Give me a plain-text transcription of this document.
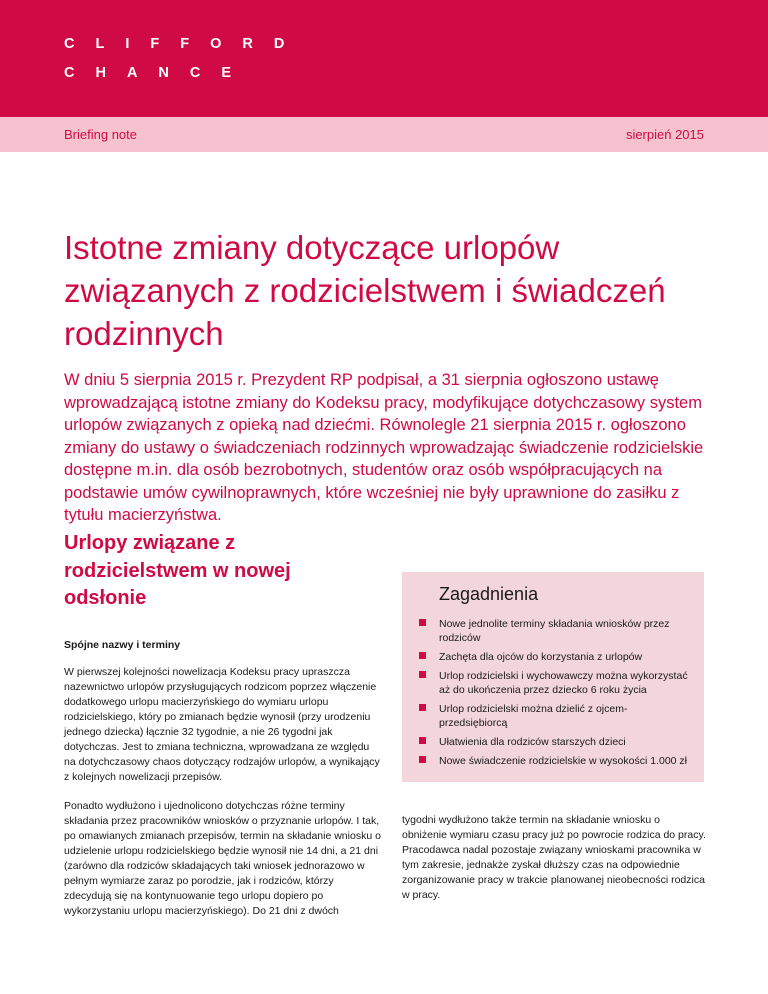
CLIFFORD
CHANCE
Briefing note	sierpień 2015
Istotne zmiany dotyczące urlopów związanych z rodzicielstwem i świadczeń rodzinnych

W dniu 5 sierpnia 2015 r. Prezydent RP podpisał, a 31 sierpnia ogłoszono ustawę wprowadzającą istotne zmiany do Kodeksu pracy, modyfikujące dotychczasowy system urlopów związanych z opieką nad dziećmi. Równolegle 21 sierpnia 2015 r. ogłoszono zmiany do ustawy o świadczeniach rodzinnych wprowadzając świadczenie rodzicielskie dostępne m.in. dla osób bezrobotnych, studentów oraz osób współpracujących na podstawie umów cywilnoprawnych, które wcześniej nie były uprawnione do zasiłku z tytułu macierzyństwa.

Urlopy związane z rodzicielstwem w nowej odsłonie
Spójne nazwy i terminy

W pierwszej kolejności nowelizacja Kodeksu pracy upraszcza nazewnictwo urlopów przysługujących rodzicom poprzez włączenie dodatkowego urlopu macierzyńskiego do wymiaru urlopu rodzicielskiego, który po zmianach będzie wynosił (przy urodzeniu jednego dziecka) łącznie 32 tygodnie, a nie 26 tygodni jak dotychczas. Jest to zmiana techniczna, wprowadzana ze względu na dotychczasowy chaos dotyczący rodzajów urlopów, a wynikający z kolejnych nowelizacji przepisów.

Ponadto wydłużono i ujednolicono dotychczas różne terminy składania przez pracowników wniosków o przyznanie urlopów. I tak, po omawianych zmianach przepisów, termin na składanie wniosku o udzielenie urlopu rodzicielskiego będzie wynosił nie 14 dni, a 21 dni (zarówno dla rodziców składających taki wniosek jednorazowo w pełnym wymiarze zaraz po porodzie, jak i rodziców, którzy zdecydują się na kontynuowanie tego urlopu dopiero po wykorzystaniu urlopu macierzyńskiego). Do 21 dni z dwóch

Zagadnienia
Nowe jednolite terminy składania wniosków przez rodziców
Zachęta dla ojców do korzystania z urlopów
Urlop rodzicielski i wychowawczy można wykorzystać aż do ukończenia przez dziecko 6 roku życia
Urlop rodzicielski można dzielić z ojcem-przedsiębiorcą
Ułatwienia dla rodziców starszych dzieci
Nowe świadczenie rodzicielskie w wysokości 1.000 zł

tygodni wydłużono także termin na składanie wniosku o obniżenie wymiaru czasu pracy już po powrocie rodzica do pracy. Pracodawca nadal pozostaje związany wnioskami pracownika w tym zakresie, jednakże zyskał dłuższy czas na odpowiednie zorganizowanie pracy w trakcie planowanej nieobecności rodzica w pracy.
